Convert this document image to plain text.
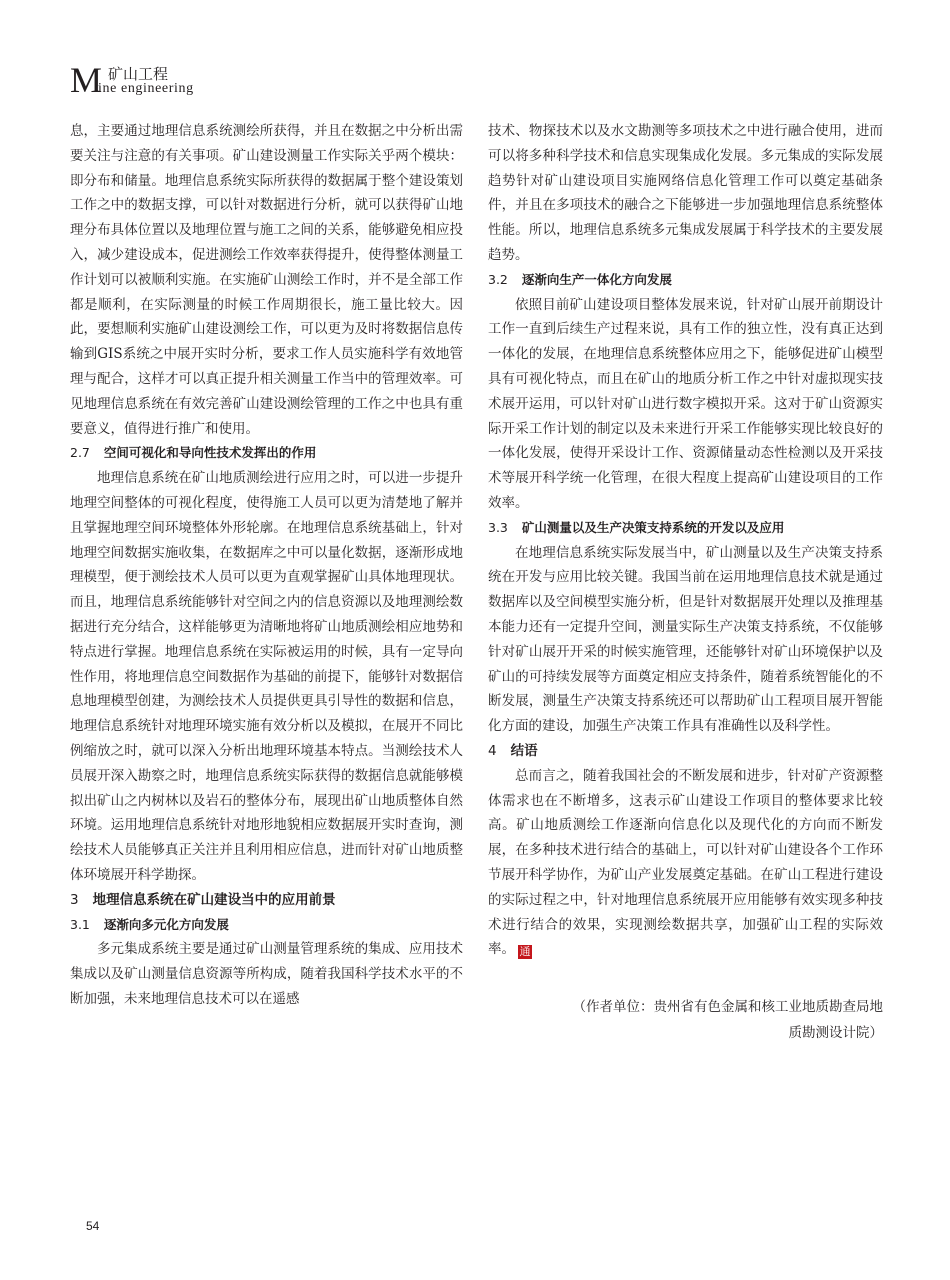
M 矿山工程
ine engineering

息，主要通过地理信息系统测绘所获得，并且在数据之中分析出需要关注与注意的有关事项。矿山建设测量工作实际关乎两个模块：即分布和储量。地理信息系统实际所获得的数据属于整个建设策划工作之中的数据支撑，可以针对数据进行分析，就可以获得矿山地理分布具体位置以及地理位置与施工之间的关系，能够避免相应投入，减少建设成本，促进测绘工作效率获得提升，使得整体测量工作计划可以被顺利实施。在实施矿山测绘工作时，并不是全部工作都是顺利，在实际测量的时候工作周期很长，施工量比较大。因此，要想顺利实施矿山建设测绘工作，可以更为及时将数据信息传输到GIS系统之中展开实时分析，要求工作人员实施科学有效地管理与配合，这样才可以真正提升相关测量工作当中的管理效率。可见地理信息系统在有效完善矿山建设测绘管理的工作之中也具有重要意义，值得进行推广和使用。

2.7 空间可视化和导向性技术发挥出的作用

地理信息系统在矿山地质测绘进行应用之时，可以进一步提升地理空间整体的可视化程度，使得施工人员可以更为清楚地了解并且掌握地理空间环境整体外形轮廓。在地理信息系统基础上，针对地理空间数据实施收集，在数据库之中可以量化数据，逐渐形成地理模型，便于测绘技术人员可以更为直观掌握矿山具体地理现状。而且，地理信息系统能够针对空间之内的信息资源以及地理测绘数据进行充分结合，这样能够更为清晰地将矿山地质测绘相应地势和特点进行掌握。地理信息系统在实际被运用的时候，具有一定导向性作用，将地理信息空间数据作为基础的前提下，能够针对数据信息地理模型创建，为测绘技术人员提供更具引导性的数据和信息，地理信息系统针对地理环境实施有效分析以及模拟，在展开不同比例缩放之时，就可以深入分析出地理环境基本特点。当测绘技术人员展开深入勘察之时，地理信息系统实际获得的数据信息就能够模拟出矿山之内树林以及岩石的整体分布，展现出矿山地质整体自然环境。运用地理信息系统针对地形地貌相应数据展开实时查询，测绘技术人员能够真正关注并且利用相应信息，进而针对矿山地质整体环境展开科学勘探。

3 地理信息系统在矿山建设当中的应用前景

3.1 逐渐向多元化方向发展

多元集成系统主要是通过矿山测量管理系统的集成、应用技术集成以及矿山测量信息资源等所构成，随着我国科学技术水平的不断加强，未来地理信息技术可以在遥感

技术、物探技术以及水文勘测等多项技术之中进行融合使用，进而可以将多种科学技术和信息实现集成化发展。多元集成的实际发展趋势针对矿山建设项目实施网络信息化管理工作可以奠定基础条件，并且在多项技术的融合之下能够进一步加强地理信息系统整体性能。所以，地理信息系统多元集成发展属于科学技术的主要发展趋势。

3.2 逐渐向生产一体化方向发展

依照目前矿山建设项目整体发展来说，针对矿山展开前期设计工作一直到后续生产过程来说，具有工作的独立性，没有真正达到一体化的发展，在地理信息系统整体应用之下，能够促进矿山模型具有可视化特点，而且在矿山的地质分析工作之中针对虚拟现实技术展开运用，可以针对矿山进行数字模拟开采。这对于矿山资源实际开采工作计划的制定以及未来进行开采工作能够实现比较良好的一体化发展，使得开采设计工作、资源储量动态性检测以及开采技术等展开科学统一化管理，在很大程度上提高矿山建设项目的工作效率。

3.3 矿山测量以及生产决策支持系统的开发以及应用

在地理信息系统实际发展当中，矿山测量以及生产决策支持系统在开发与应用比较关键。我国当前在运用地理信息技术就是通过数据库以及空间模型实施分析，但是针对数据展开处理以及推理基本能力还有一定提升空间，测量实际生产决策支持系统，不仅能够针对矿山展开开采的时候实施管理，还能够针对矿山环境保护以及矿山的可持续发展等方面奠定相应支持条件，随着系统智能化的不断发展，测量生产决策支持系统还可以帮助矿山工程项目展开智能化方面的建设，加强生产决策工作具有准确性以及科学性。

4 结语

总而言之，随着我国社会的不断发展和进步，针对矿产资源整体需求也在不断增多，这表示矿山建设工作项目的整体要求比较高。矿山地质测绘工作逐渐向信息化以及现代化的方向而不断发展，在多种技术进行结合的基础上，可以针对矿山建设各个工作环节展开科学协作，为矿山产业发展奠定基础。在矿山工程进行建设的实际过程之中，针对地理信息系统展开应用能够有效实现多种技术进行结合的效果，实现测绘数据共享，加强矿山工程的实际效率。 通

（作者单位：贵州省有色金属和核工业地质勘查局地
质勘测设计院）
54
